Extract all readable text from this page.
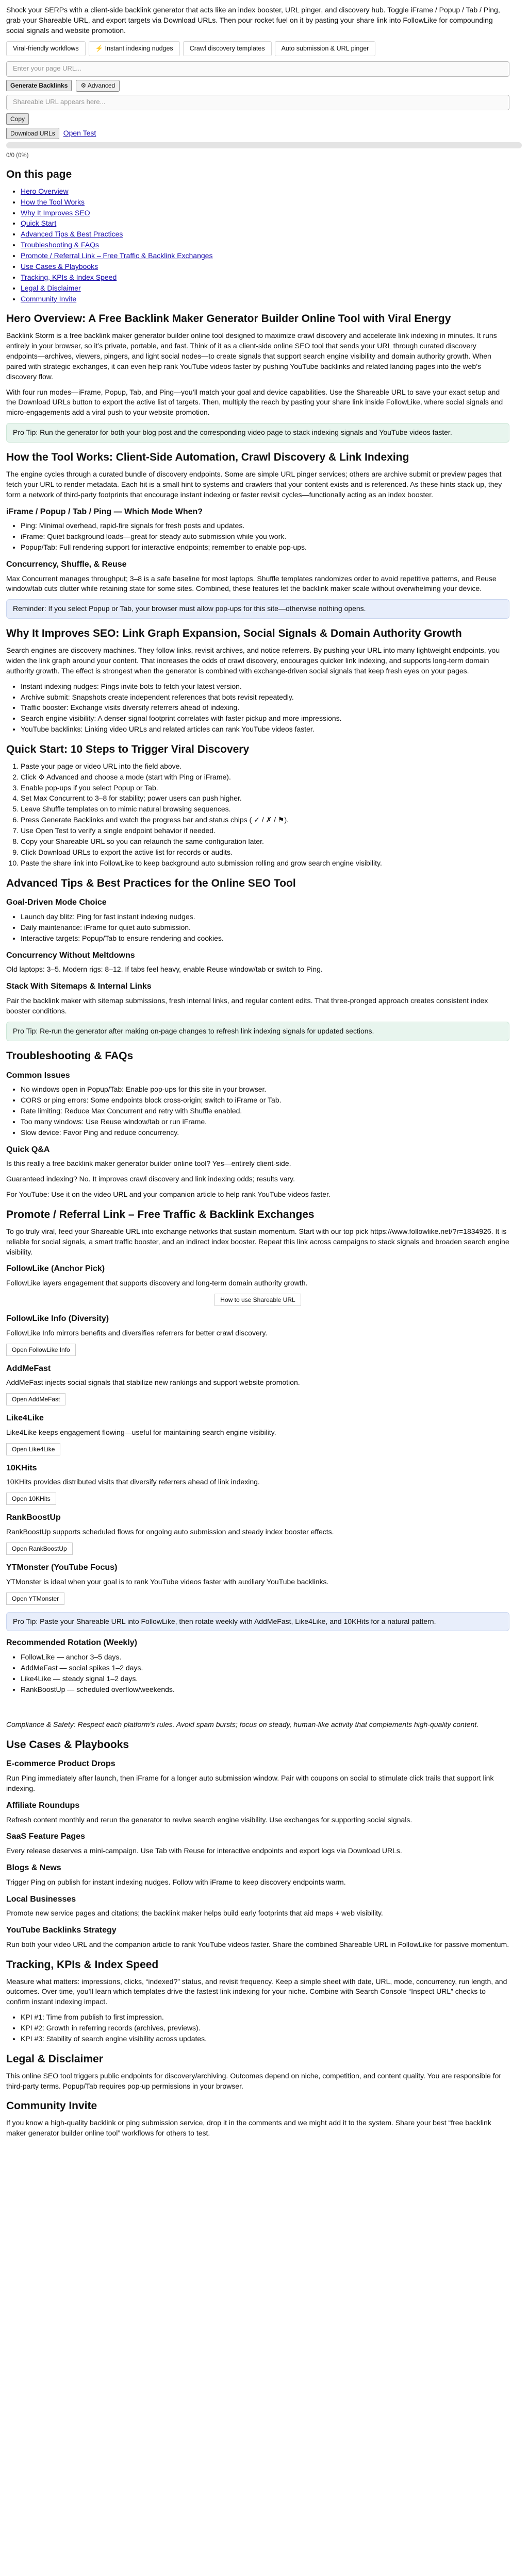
Shock your SERPs with a client-side backlink generator that acts like an index booster, URL pinger, and discovery hub. Toggle iFrame / Popup / Tab / Ping, grab your Shareable URL, and export targets via Download URLs. Then pour rocket fuel on it by pasting your share link into FollowLike for compounding social signals and website promotion.

Viral-friendly workflows	⚡ Instant indexing nudges	Crawl discovery templates	Auto submission & URL pinger
Enter your page URL...
Generate Backlinks	⚙ Advanced
Shareable URL appears here...
Copy
Download URLs	Open Test
0/0 (0%)
On this page
• Hero Overview
• How the Tool Works
• Why It Improves SEO
• Quick Start
• Advanced Tips & Best Practices
• Troubleshooting & FAQs
• Promote / Referral Link – Free Traffic & Backlink Exchanges
• Use Cases & Playbooks
• Tracking, KPIs & Index Speed
• Legal & Disclaimer
• Community Invite
Hero Overview: A Free Backlink Maker Generator Builder Online Tool with Viral Energy

Backlink Storm is a free backlink maker generator builder online tool designed to maximize crawl discovery and accelerate link indexing in minutes. It runs entirely in your browser, so it’s private, portable, and fast. Think of it as a client-side online SEO tool that sends your URL through curated discovery endpoints—archives, viewers, pingers, and light social nodes—to create signals that support search engine visibility and domain authority growth. When paired with strategic exchanges, it can even help rank YouTube videos faster by pushing YouTube backlinks and related landing pages into the web’s discovery flow.

With four run modes—iFrame, Popup, Tab, and Ping—you’ll match your goal and device capabilities. Use the Shareable URL to save your exact setup and the Download URLs button to export the active list of targets. Then, multiply the reach by pasting your share link inside FollowLike, where social signals and micro-engagements add a viral push to your website promotion.

Pro Tip: Run the generator for both your blog post and the corresponding video page to stack indexing signals and YouTube videos faster.
How the Tool Works: Client-Side Automation, Crawl Discovery & Link Indexing

The engine cycles through a curated bundle of discovery endpoints. Some are simple URL pinger services; others are archive submit or preview pages that fetch your URL to render metadata. Each hit is a small hint to systems and crawlers that your content exists and is referenced. As these hints stack up, they form a network of third-party footprints that encourage instant indexing or faster revisit cycles—functionally acting as an index booster.

iFrame / Popup / Tab / Ping — Which Mode When?
• Ping: Minimal overhead, rapid-fire signals for fresh posts and updates.
• iFrame: Quiet background loads—great for steady auto submission while you work.
• Popup/Tab: Full rendering support for interactive endpoints; remember to enable pop-ups.
Concurrency, Shuffle, & Reuse

Max Concurrent manages throughput; 3–8 is a safe baseline for most laptops. Shuffle templates randomizes order to avoid repetitive patterns, and Reuse window/tab cuts clutter while retaining state for some sites. Combined, these features let the backlink maker scale without overwhelming your device.

Reminder: If you select Popup or Tab, your browser must allow pop-ups for this site—otherwise nothing opens.
Why It Improves SEO: Link Graph Expansion, Social Signals & Domain Authority Growth

Search engines are discovery machines. They follow links, revisit archives, and notice referrers. By pushing your URL into many lightweight endpoints, you widen the link graph around your content. That increases the odds of crawl discovery, encourages quicker link indexing, and supports long-term domain authority growth. The effect is strongest when the generator is combined with exchange-driven social signals that keep fresh eyes on your pages.

• Instant indexing nudges: Pings invite bots to fetch your latest version.
• Archive submit: Snapshots create independent references that bots revisit repeatedly.
• Traffic booster: Exchange visits diversify referrers ahead of indexing.
• Search engine visibility: A denser signal footprint correlates with faster pickup and more impressions.
• YouTube backlinks: Linking video URLs and related articles can rank YouTube videos faster.
Quick Start: 10 Steps to Trigger Viral Discovery
1. Paste your page or video URL into the field above.
2. Click ⚙ Advanced and choose a mode (start with Ping or iFrame).
3. Enable pop-ups if you select Popup or Tab.
4. Set Max Concurrent to 3–8 for stability; power users can push higher.
5. Leave Shuffle templates on to mimic natural browsing sequences.
6. Press Generate Backlinks and watch the progress bar and status chips ( ✓ / ✗ / ⚑).
7. Use Open Test to verify a single endpoint behavior if needed.
8. Copy your Shareable URL so you can relaunch the same configuration later.
9. Click Download URLs to export the active list for records or audits.
10. Paste the share link into FollowLike to keep background auto submission rolling and grow search engine visibility.
Advanced Tips & Best Practices for the Online SEO Tool
Goal-Driven Mode Choice
• Launch day blitz: Ping for fast instant indexing nudges.
• Daily maintenance: iFrame for quiet auto submission.
• Interactive targets: Popup/Tab to ensure rendering and cookies.
Concurrency Without Meltdowns

Old laptops: 3–5. Modern rigs: 8–12. If tabs feel heavy, enable Reuse window/tab or switch to Ping.

Stack With Sitemaps & Internal Links

Pair the backlink maker with sitemap submissions, fresh internal links, and regular content edits. That three-pronged approach creates consistent index booster conditions.

Pro Tip: Re-run the generator after making on-page changes to refresh link indexing signals for updated sections.
Troubleshooting & FAQs
Common Issues
• No windows open in Popup/Tab: Enable pop-ups for this site in your browser.
• CORS or ping errors: Some endpoints block cross-origin; switch to iFrame or Tab.
• Rate limiting: Reduce Max Concurrent and retry with Shuffle enabled.
• Too many windows: Use Reuse window/tab or run iFrame.
• Slow device: Favor Ping and reduce concurrency.
Quick Q&A

Is this really a free backlink maker generator builder online tool? Yes—entirely client-side.

Guaranteed indexing? No. It improves crawl discovery and link indexing odds; results vary.

For YouTube: Use it on the video URL and your companion article to help rank YouTube videos faster.

Promote / Referral Link – Free Traffic & Backlink Exchanges

To go truly viral, feed your Shareable URL into exchange networks that sustain momentum. Start with our top pick https://www.followlike.net/?r=1834926. It is reliable for social signals, a smart traffic booster, and an indirect index booster. Repeat this link across campaigns to stack signals and broaden search engine visibility.

FollowLike (Anchor Pick)

FollowLike layers engagement that supports discovery and long-term domain authority growth.

How to use Shareable URL
FollowLike Info (Diversity)

FollowLike Info mirrors benefits and diversifies referrers for better crawl discovery.

Open FollowLike Info
AddMeFast

AddMeFast injects social signals that stabilize new rankings and support website promotion.

Open AddMeFast
Like4Like

Like4Like keeps engagement flowing—useful for maintaining search engine visibility.

Open Like4Like
10KHits

10KHits provides distributed visits that diversify referrers ahead of link indexing.

Open 10KHits
RankBoostUp

RankBoostUp supports scheduled flows for ongoing auto submission and steady index booster effects.

Open RankBoostUp
YTMonster (YouTube Focus)

YTMonster is ideal when your goal is to rank YouTube videos faster with auxiliary YouTube backlinks.

Open YTMonster
Pro Tip: Paste your Shareable URL into FollowLike, then rotate weekly with AddMeFast, Like4Like, and 10KHits for a natural pattern.
Recommended Rotation (Weekly)
• FollowLike — anchor 3–5 days.
• AddMeFast — social spikes 1–2 days.
• Like4Like — steady signal 1–2 days.
• RankBoostUp — scheduled overflow/weekends.

Compliance & Safety: Respect each platform’s rules. Avoid spam bursts; focus on steady, human-like activity that complements high-quality content.

Use Cases & Playbooks
E-commerce Product Drops

Run Ping immediately after launch, then iFrame for a longer auto submission window. Pair with coupons on social to stimulate click trails that support link indexing.

Affiliate Roundups

Refresh content monthly and rerun the generator to revive search engine visibility. Use exchanges for supporting social signals.

SaaS Feature Pages

Every release deserves a mini-campaign. Use Tab with Reuse for interactive endpoints and export logs via Download URLs.

Blogs & News

Trigger Ping on publish for instant indexing nudges. Follow with iFrame to keep discovery endpoints warm.

Local Businesses

Promote new service pages and citations; the backlink maker helps build early footprints that aid maps + web visibility.

YouTube Backlinks Strategy

Run both your video URL and the companion article to rank YouTube videos faster. Share the combined Shareable URL in FollowLike for passive momentum.

Tracking, KPIs & Index Speed

Measure what matters: impressions, clicks, “indexed?” status, and revisit frequency. Keep a simple sheet with date, URL, mode, concurrency, run length, and outcomes. Over time, you’ll learn which templates drive the fastest link indexing for your niche. Combine with Search Console “Inspect URL” checks to confirm instant indexing impact.

• KPI #1: Time from publish to first impression.
• KPI #2: Growth in referring records (archives, previews).
• KPI #3: Stability of search engine visibility across updates.
Legal & Disclaimer

This online SEO tool triggers public endpoints for discovery/archiving. Outcomes depend on niche, competition, and content quality. You are responsible for third-party terms. Popup/Tab requires pop-up permissions in your browser.

Community Invite

If you know a high-quality backlink or ping submission service, drop it in the comments and we might add it to the system. Share your best “free backlink maker generator builder online tool” workflows for others to test.
